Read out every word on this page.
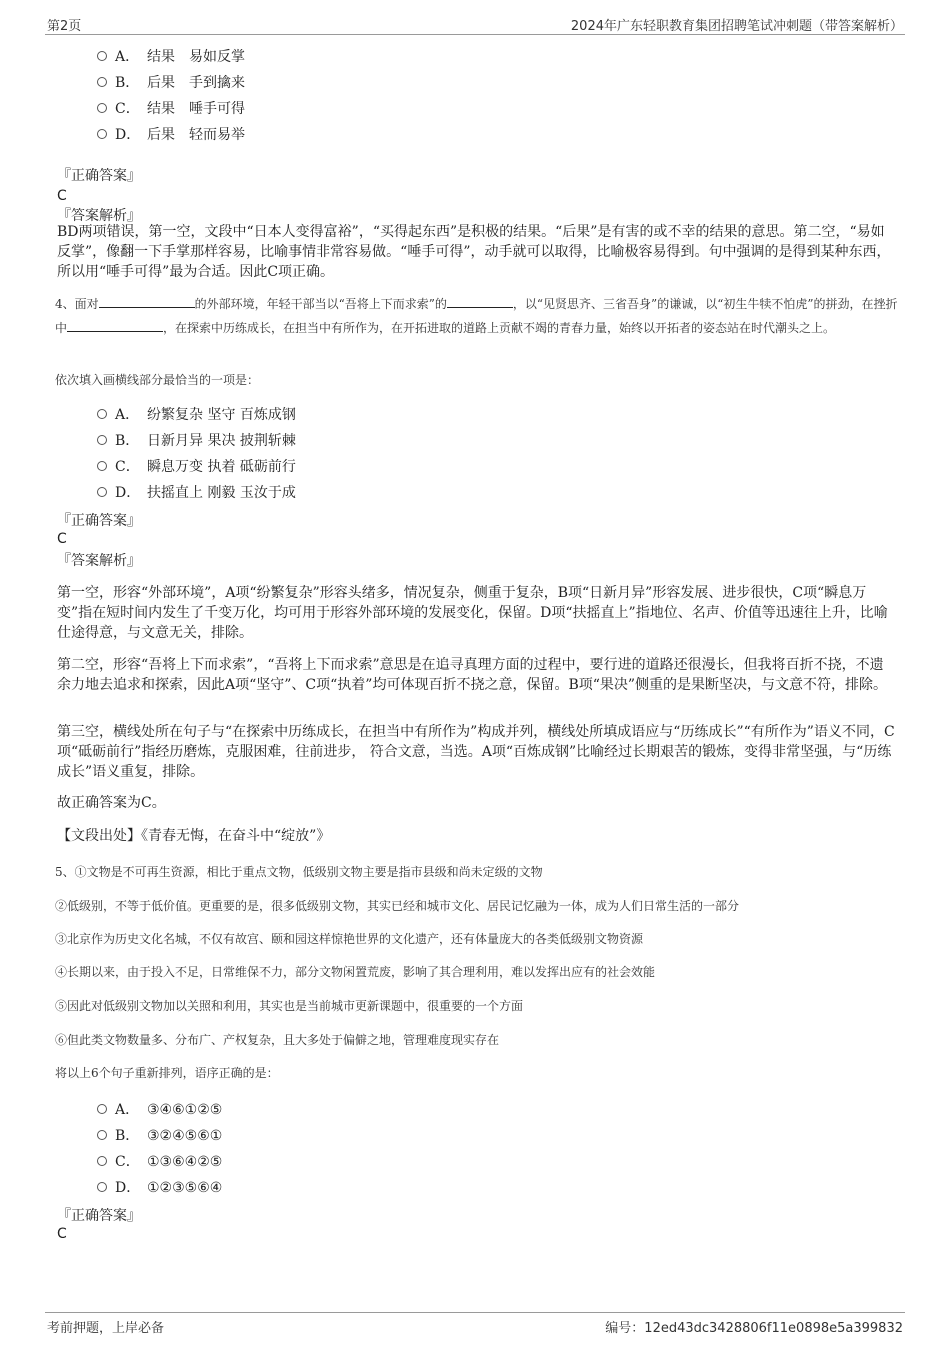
第2页	2024年广东轻职教育集团招聘笔试冲刺题（带答案解析）
A． 结果　易如反掌
B． 后果　手到擒来
C． 结果　唾手可得
D． 后果　轻而易举
『正确答案』
C
『答案解析』
BD两项错误，第一空，文段中“日本人变得富裕”，“买得起东西”是积极的结果。“后果”是有害的或不幸的结果的意思。第二空，“易如反掌”，像翻一下手掌那样容易，比喻事情非常容易做。“唾手可得”，动手就可以取得，比喻极容易得到。句中强调的是得到某种东西，所以用“唾手可得”最为合适。因此C项正确。
4、面对	的外部环境，年轻干部当以“吾将上下而求索”的	，以“见贤思齐、三省吾身”的谦诚，以“初生牛犊不怕虎”的拼劲，在挫折中	，在探索中历练成长，在担当中有所作为，在开拓进取的道路上贡献不竭的青春力量，始终以开拓者的姿态站在时代潮头之上。
依次填入画横线部分最恰当的一项是：
A． 纷繁复杂 坚守 百炼成钢
B． 日新月异 果决 披荆斩棘
C． 瞬息万变 执着 砥砺前行
D． 扶摇直上 刚毅 玉汝于成
『正确答案』
C
『答案解析』
第一空，形容“外部环境”，A项“纷繁复杂”形容头绪多，情况复杂，侧重于复杂，B项“日新月异”形容发展、进步很快，C项“瞬息万变”指在短时间内发生了千变万化，均可用于形容外部环境的发展变化，保留。D项“扶摇直上”指地位、名声、价值等迅速往上升，比喻仕途得意，与文意无关，排除。
第二空，形容“吾将上下而求索”，“吾将上下而求索”意思是在追寻真理方面的过程中，要行进的道路还很漫长，但我将百折不挠，不遗余力地去追求和探索，因此A项“坚守”、C项“执着”均可体现百折不挠之意，保留。B项“果决”侧重的是果断坚决，与文意不符，排除。
第三空，横线处所在句子与“在探索中历练成长，在担当中有所作为”构成并列，横线处所填成语应与“历练成长”“有所作为”语义不同，C项“砥砺前行”指经历磨炼，克服困难，往前进步， 符合文意，当选。A项“百炼成钢”比喻经过长期艰苦的锻炼，变得非常坚强，与“历练成长”语义重复，排除。
故正确答案为C。
【文段出处】《青春无悔，在奋斗中“绽放”》
5、①文物是不可再生资源，相比于重点文物，低级别文物主要是指市县级和尚未定级的文物
②低级别，不等于低价值。更重要的是，很多低级别文物，其实已经和城市文化、居民记忆融为一体，成为人们日常生活的一部分
③北京作为历史文化名城，不仅有故宫、颐和园这样惊艳世界的文化遗产，还有体量庞大的各类低级别文物资源
④长期以来，由于投入不足，日常维保不力，部分文物闲置荒废，影响了其合理利用，难以发挥出应有的社会效能
⑤因此对低级别文物加以关照和利用，其实也是当前城市更新课题中，很重要的一个方面
⑥但此类文物数量多、分布广、产权复杂，且大多处于偏僻之地，管理难度现实存在
将以上6个句子重新排列，语序正确的是：
A． ③④⑥①②⑤
B． ③②④⑤⑥①
C． ①③⑥④②⑤
D． ①②③⑤⑥④
『正确答案』
C
考前押题，上岸必备	编号：12ed43dc3428806f11e0898e5a399832
